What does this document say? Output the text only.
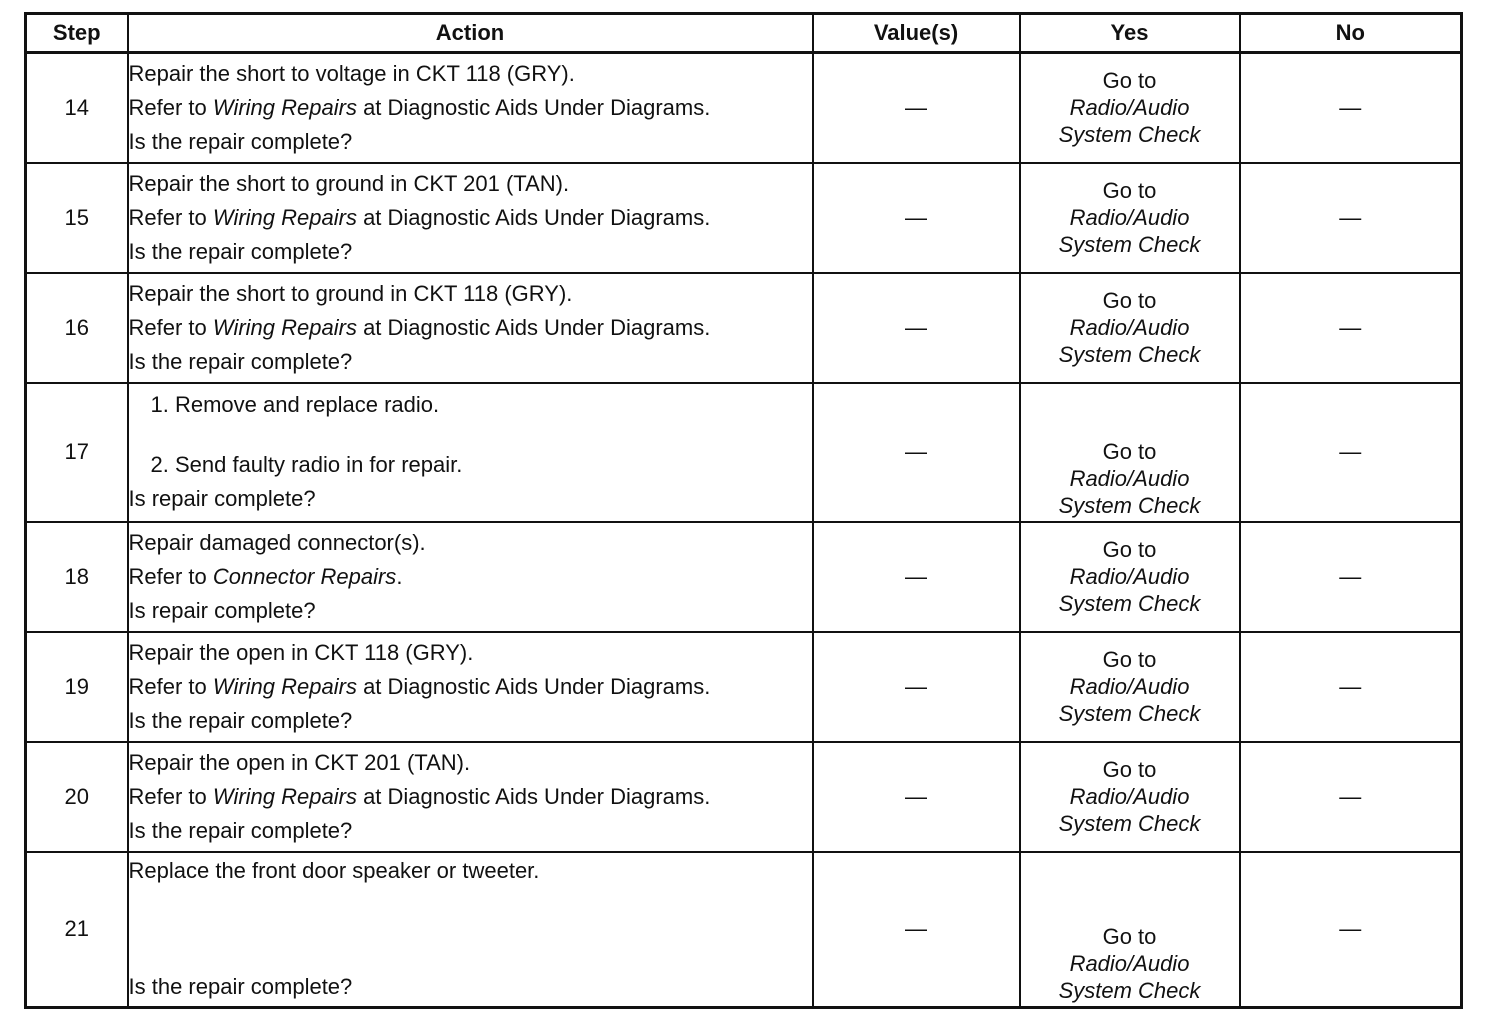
Step	Action	Value(s)	Yes	No
14	Repair the short to voltage in CKT 118 (GRY).
Refer to Wiring Repairs at Diagnostic Aids Under Diagrams.
Is the repair complete?	—	Go to
Radio/Audio
System Check	—
15	Repair the short to ground in CKT 201 (TAN).
Refer to Wiring Repairs at Diagnostic Aids Under Diagrams.
Is the repair complete?	—	Go to
Radio/Audio
System Check	—
16	Repair the short to ground in CKT 118 (GRY).
Refer to Wiring Repairs at Diagnostic Aids Under Diagrams.
Is the repair complete?	—	Go to
Radio/Audio
System Check	—
17	1. Remove and replace radio.
2. Send faulty radio in for repair.
Is repair complete?	—	Go to
Radio/Audio
System Check	—
18	Repair damaged connector(s).
Refer to Connector Repairs.
Is repair complete?	—	Go to
Radio/Audio
System Check	—
19	Repair the open in CKT 118 (GRY).
Refer to Wiring Repairs at Diagnostic Aids Under Diagrams.
Is the repair complete?	—	Go to
Radio/Audio
System Check	—
20	Repair the open in CKT 201 (TAN).
Refer to Wiring Repairs at Diagnostic Aids Under Diagrams.
Is the repair complete?	—	Go to
Radio/Audio
System Check	—
21	Replace the front door speaker or tweeter.
Is the repair complete?	—	Go to
Radio/Audio
System Check	—
